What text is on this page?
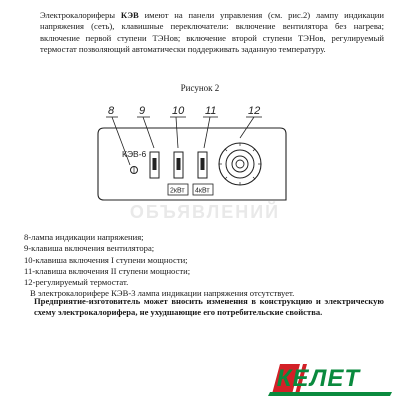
Электрокалориферы КЭВ имеют на панели управления (см. рис.2) лампу индикации напряжения (сеть), клавишные переключатели: включение вентилятора без нагрева; включение первой ступени ТЭНов; включение второй ступени ТЭНов, регулируемый термостат позволяющий автоматически поддерживать заданную температуру.
Рисунок 2
8 9 10 11	12
КЭВ-6
2кВт 4кВт
ОБЪЯВЛЕНИЙ
8-лампа индикации напряжения;
9-клавиша включения вентилятора;
10-клавиша включения I ступени мощности;
11-клавиша включения II ступени мощности;
12-регулируемый термостат.
В электрокалорифере КЭВ-3 лампа индикации напряжения отсутствует.
Предприятие-изготовитель может вносить изменения в конструкцию и электрическую схему электрокалорифера, не ухудшающие его потребительские свойства.
КЕЛЕТ
